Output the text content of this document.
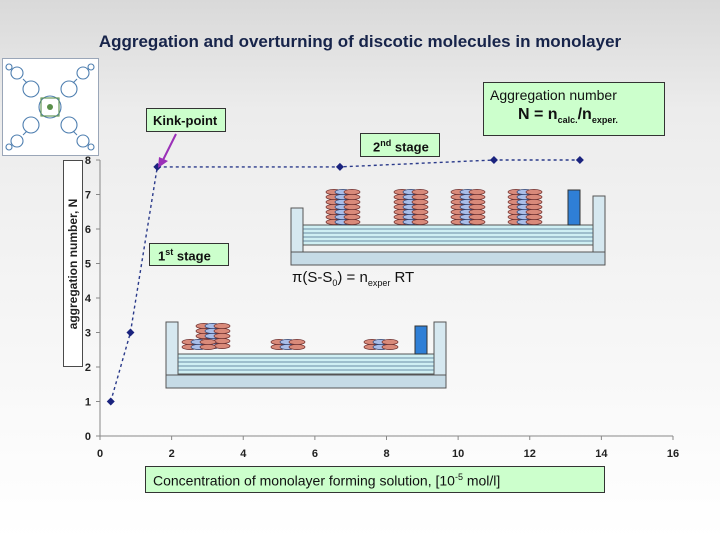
Aggregation and overturning of discotic molecules in monolayer
0	2	4	6	8	10	12	14	16
0
1
2
3
4
5
6
7
8
aggregation number, N
Kink-point
1st stage
2nd stage
Aggregation number
$N = n_{calc.}/n_{exper.}$
$\pi(S-S_0) = n_{exper}$ RT
Concentration of monolayer forming solution, [$10^{-5}$ mol/l]
